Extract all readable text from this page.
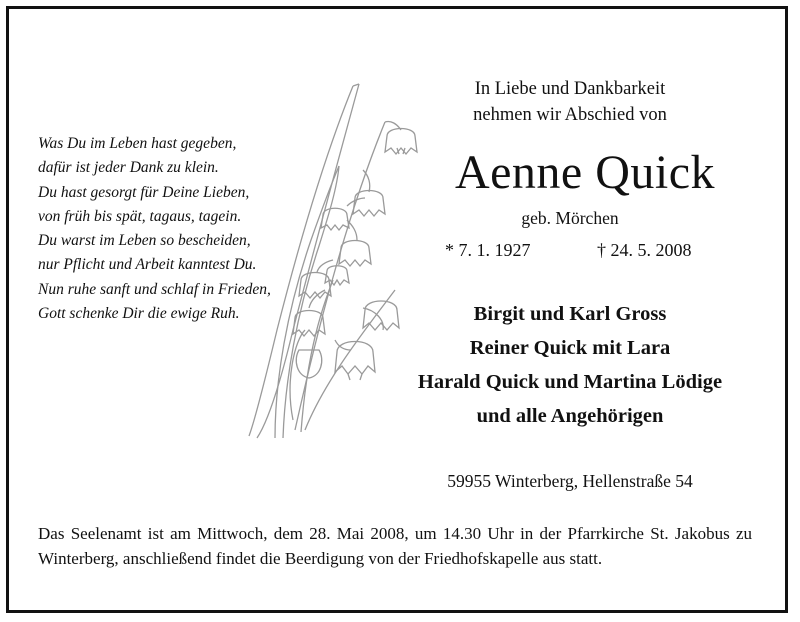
Was Du im Leben hast gegeben,
dafür ist jeder Dank zu klein.
Du hast gesorgt für Deine Lieben,
von früh bis spät, tagaus, tagein.
Du warst im Leben so bescheiden,
nur Pflicht und Arbeit kanntest Du.
Nun ruhe sanft und schlaf in Frieden,
Gott schenke Dir die ewige Ruh.
In Liebe und Dankbarkeit
nehmen wir Abschied von
Aenne Quick
geb. Mörchen
* 7. 1. 1927	† 24. 5. 2008
Birgit und Karl Gross
Reiner Quick mit Lara
Harald Quick und Martina Lödige
und alle Angehörigen
59955 Winterberg, Hellenstraße 54
Das Seelenamt ist am Mittwoch, dem 28. Mai 2008, um 14.30 Uhr in der Pfarrkirche St. Jakobus zu Winterberg, anschließend findet die Beerdigung von der Friedhofskapelle aus statt.
